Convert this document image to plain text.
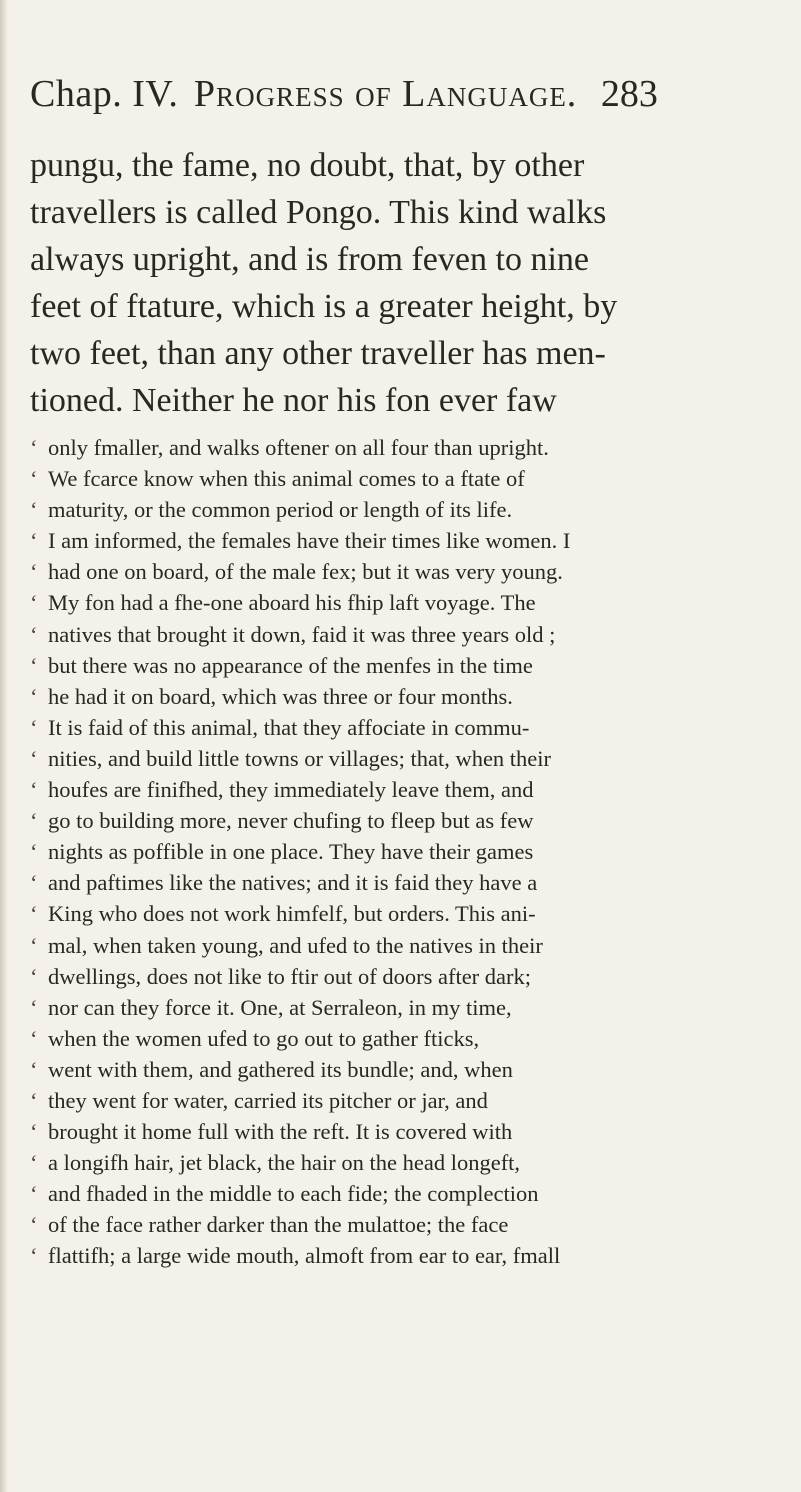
Chap. IV. Progress of Language. 283
pungu, the fame, no doubt, that, by other
travellers is called Pongo. This kind walks
always upright, and is from feven to nine
feet of ftature, which is a greater height, by
two feet, than any other traveller has men-
tioned. Neither he nor his fon ever faw
‘ only fmaller, and walks oftener on all four than upright.
‘ We fcarce know when this animal comes to a ftate of
‘ maturity, or the common period or length of its life.
‘ I am informed, the females have their times like women. I
‘ had one on board, of the male fex; but it was very young.
‘ My fon had a fhe-one aboard his fhip laft voyage. The
‘ natives that brought it down, faid it was three years old ;
‘ but there was no appearance of the menfes in the time
‘ he had it on board, which was three or four months.
‘ It is faid of this animal, that they affociate in commu-
‘ nities, and build little towns or villages; that, when their
‘ houfes are finifhed, they immediately leave them, and
‘ go to building more, never chufing to fleep but as few
‘ nights as poffible in one place. They have their games
‘ and paftimes like the natives; and it is faid they have a
‘ King who does not work himfelf, but orders. This ani-
‘ mal, when taken young, and ufed to the natives in their
‘ dwellings, does not like to ftir out of doors after dark;
‘ nor can they force it. One, at Serraleon, in my time,
‘ when the women ufed to go out to gather fticks,
‘ went with them, and gathered its bundle; and, when
‘ they went for water, carried its pitcher or jar, and
‘ brought it home full with the reft. It is covered with
‘ a longifh hair, jet black, the hair on the head longeft,
‘ and fhaded in the middle to each fide; the complection
‘ of the face rather darker than the mulattoe; the face
‘ flattifh; a large wide mouth, almoft from ear to ear, fmall
